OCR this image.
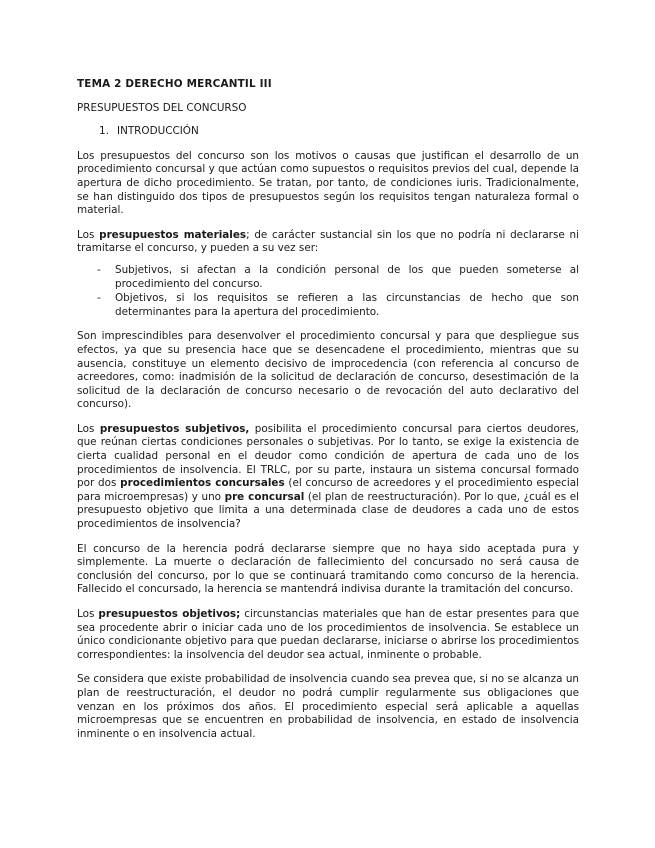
TEMA 2 DERECHO MERCANTIL III
PRESUPUESTOS DEL CONCURSO
1. INTRODUCCIÓN

Los presupuestos del concurso son los motivos o causas que justifican el desarrollo de un procedimiento concursal y que actúan como supuestos o requisitos previos del cual, depende la apertura de dicho procedimiento. Se tratan, por tanto, de condiciones iuris. Tradicionalmente, se han distinguido dos tipos de presupuestos según los requisitos tengan naturaleza formal o material.

Los presupuestos materiales; de carácter sustancial sin los que no podría ni declararse ni tramitarse el concurso, y pueden a su vez ser:

- Subjetivos, si afectan a la condición personal de los que pueden someterse al procedimiento del concurso.
- Objetivos, si los requisitos se refieren a las circunstancias de hecho que son determinantes para la apertura del procedimiento.

Son imprescindibles para desenvolver el procedimiento concursal y para que despliegue sus efectos, ya que su presencia hace que se desencadene el procedimiento, mientras que su ausencia, constituye un elemento decisivo de improcedencia (con referencia al concurso de acreedores, como: inadmisión de la solicitud de declaración de concurso, desestimación de la solicitud de la declaración de concurso necesario o de revocación del auto declarativo del concurso).

Los presupuestos subjetivos, posibilita el procedimiento concursal para ciertos deudores, que reúnan ciertas condiciones personales o subjetivas. Por lo tanto, se exige la existencia de cierta cualidad personal en el deudor como condición de apertura de cada uno de los procedimientos de insolvencia. El TRLC, por su parte, instaura un sistema concursal formado por dos procedimientos concursales (el concurso de acreedores y el procedimiento especial para microempresas) y uno pre concursal (el plan de reestructuración). Por lo que, ¿cuál es el presupuesto objetivo que limita a una determinada clase de deudores a cada uno de estos procedimientos de insolvencia?

El concurso de la herencia podrá declararse siempre que no haya sido aceptada pura y simplemente. La muerte o declaración de fallecimiento del concursado no será causa de conclusión del concurso, por lo que se continuará tramitando como concurso de la herencia. Fallecido el concursado, la herencia se mantendrá indivisa durante la tramitación del concurso.

Los presupuestos objetivos; circunstancias materiales que han de estar presentes para que sea procedente abrir o iniciar cada uno de los procedimientos de insolvencia. Se establece un único condicionante objetivo para que puedan declararse, iniciarse o abrirse los procedimientos correspondientes: la insolvencia del deudor sea actual, inminente o probable.

Se considera que existe probabilidad de insolvencia cuando sea prevea que, si no se alcanza un plan de reestructuración, el deudor no podrá cumplir regularmente sus obligaciones que venzan en los próximos dos años. El procedimiento especial será aplicable a aquellas microempresas que se encuentren en probabilidad de insolvencia, en estado de insolvencia inminente o en insolvencia actual.
